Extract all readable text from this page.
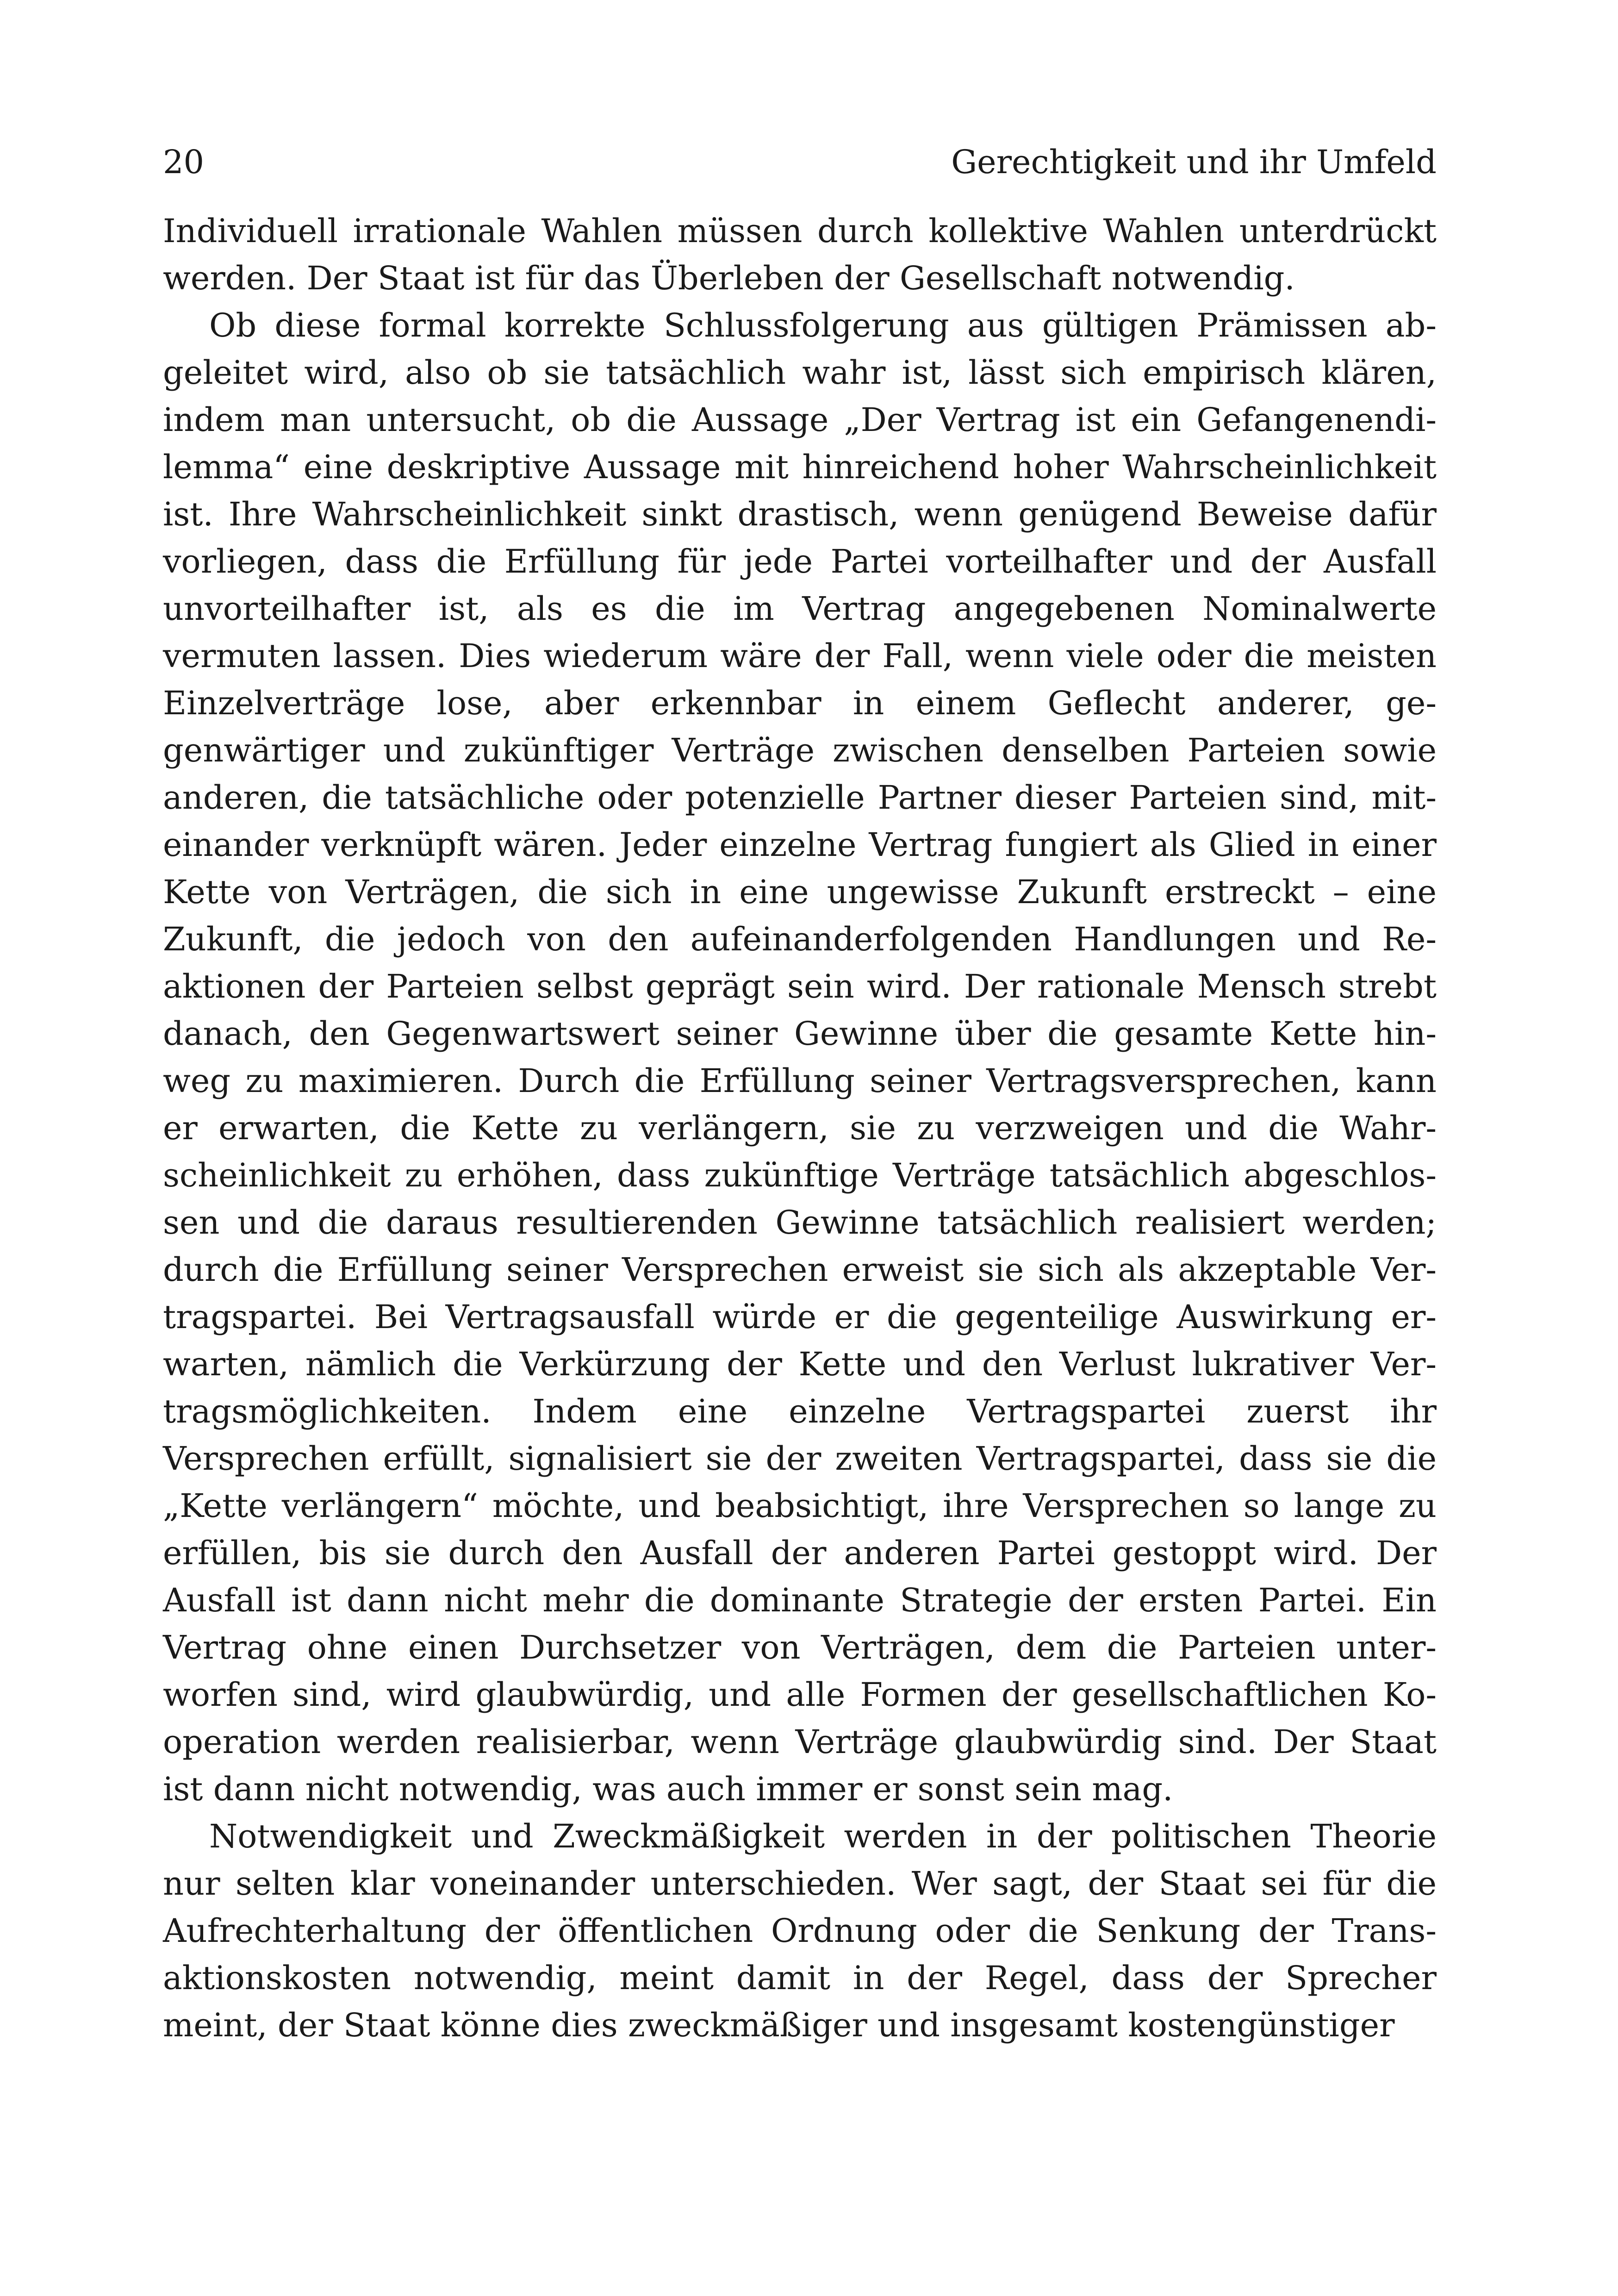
20	Gerechtigkeit und ihr Umfeld

Individuell irrationale Wahlen müssen durch kollektive Wahlen unterdrückt werden. Der Staat ist für das Überleben der Gesellschaft notwendig.

Ob diese formal korrekte Schlussfolgerung aus gültigen Prämissen abgeleitet wird, also ob sie tatsächlich wahr ist, lässt sich empirisch klären, indem man untersucht, ob die Aussage „Der Vertrag ist ein Gefangenendilemma“ eine deskriptive Aussage mit hinreichend hoher Wahrscheinlichkeit ist. Ihre Wahrscheinlichkeit sinkt drastisch, wenn genügend Beweise dafür vorliegen, dass die Erfüllung für jede Partei vorteilhafter und der Ausfall unvorteilhafter ist, als es die im Vertrag angegebenen Nominalwerte vermuten lassen. Dies wiederum wäre der Fall, wenn viele oder die meisten Einzelverträge lose, aber erkennbar in einem Geflecht anderer, gegenwärtiger und zukünftiger Verträge zwischen denselben Parteien sowie anderen, die tatsächliche oder potenzielle Partner dieser Parteien sind, miteinander verknüpft wären. Jeder einzelne Vertrag fungiert als Glied in einer Kette von Verträgen, die sich in eine ungewisse Zukunft erstreckt – eine Zukunft, die jedoch von den aufeinanderfolgenden Handlungen und Reaktionen der Parteien selbst geprägt sein wird. Der rationale Mensch strebt danach, den Gegenwartswert seiner Gewinne über die gesamte Kette hinweg zu maximieren. Durch die Erfüllung seiner Vertragsversprechen, kann er erwarten, die Kette zu verlängern, sie zu verzweigen und die Wahrscheinlichkeit zu erhöhen, dass zukünftige Verträge tatsächlich abgeschlossen und die daraus resultierenden Gewinne tatsächlich realisiert werden; durch die Erfüllung seiner Versprechen erweist sie sich als akzeptable Vertragspartei. Bei Vertragsausfall würde er die gegenteilige Auswirkung erwarten, nämlich die Verkürzung der Kette und den Verlust lukrativer Vertragsmöglichkeiten. Indem eine einzelne Vertragspartei zuerst ihr Versprechen erfüllt, signalisiert sie der zweiten Vertragspartei, dass sie die „Kette verlängern“ möchte, und beabsichtigt, ihre Versprechen so lange zu erfüllen, bis sie durch den Ausfall der anderen Partei gestoppt wird. Der Ausfall ist dann nicht mehr die dominante Strategie der ersten Partei. Ein Vertrag ohne einen Durchsetzer von Verträgen, dem die Parteien unterworfen sind, wird glaubwürdig, und alle Formen der gesellschaftlichen Kooperation werden realisierbar, wenn Verträge glaubwürdig sind. Der Staat ist dann nicht notwendig, was auch immer er sonst sein mag.

Notwendigkeit und Zweckmäßigkeit werden in der politischen Theorie nur selten klar voneinander unterschieden. Wer sagt, der Staat sei für die Aufrechterhaltung der öffentlichen Ordnung oder die Senkung der Transaktionskosten notwendig, meint damit in der Regel, dass der Sprecher meint, der Staat könne dies zweckmäßiger und insgesamt kostengünstiger
